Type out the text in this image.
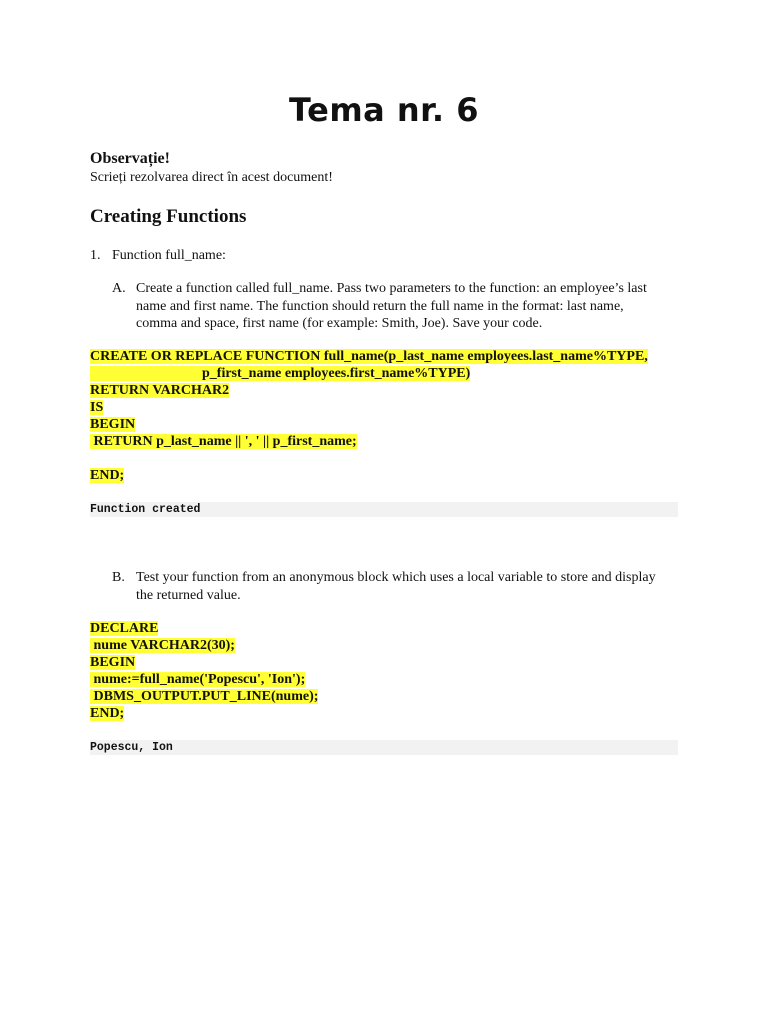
Tema nr. 6
Observație!
Scrieți rezolvarea direct în acest document!
Creating Functions
1. Function full_name:
A. Create a function called full_name. Pass two parameters to the function: an employee’s last
name and first name. The function should return the full name in the format: last name,
comma and space, first name (for example: Smith, Joe). Save your code.
CREATE OR REPLACE FUNCTION full_name(p_last_name employees.last_name%TYPE,
p_first_name employees.first_name%TYPE)
RETURN VARCHAR2
IS
BEGIN
RETURN p_last_name || ', ' || p_first_name;
END;
Function created
B. Test your function from an anonymous block which uses a local variable to store and display
the returned value.
DECLARE
nume VARCHAR2(30);
BEGIN
nume:=full_name('Popescu', 'Ion');
DBMS_OUTPUT.PUT_LINE(nume);
END;
Popescu, Ion
